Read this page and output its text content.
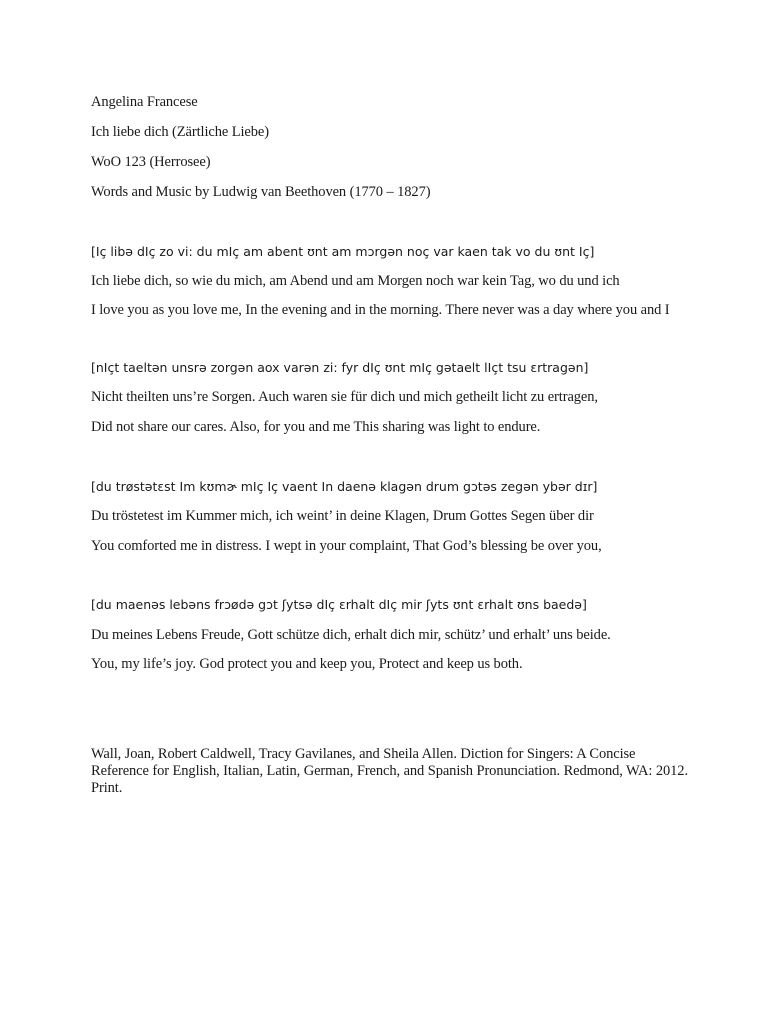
Angelina Francese
Ich liebe dich (Zärtliche Liebe)
WoO 123 (Herrosee)
Words and Music by Ludwig van Beethoven (1770 – 1827)
[Iç libə dIç zo vi: du mIç am abent ʊnt am mɔrgən noç var kaen tak vo du ʊnt Iç]
Ich liebe dich, so wie du mich, am Abend und am Morgen noch war kein Tag, wo du und ich
I love you as you love me, In the evening and in the morning. There never was a day where you and I
[nIçt taeltən unsrə zorgən aox varən zi: fyr dIç ʊnt mIç gətaelt lIçt tsu ɛrtragən]
Nicht theilten uns’re Sorgen. Auch waren sie für dich und mich getheilt licht zu ertragen,
Did not share our cares. Also, for you and me This sharing was light to endure.
[du trøstətɛst Im kʊmɚ mIç Iç vaent In daenə klagən drum gɔtəs zegən ybər dɪr]
Du tröstetest im Kummer mich, ich weint’ in deine Klagen, Drum Gottes Segen über dir
You comforted me in distress. I wept in your complaint, That God’s blessing be over you,
[du maenəs lebəns frɔødə gɔt ʃytsə dIç ɛrhalt dIç mir ʃyts ʊnt ɛrhalt ʊns baedə]
Du meines Lebens Freude, Gott schütze dich, erhalt dich mir, schütz’ und erhalt’ uns beide.
You, my life’s joy. God protect you and keep you, Protect and keep us both.
Wall, Joan, Robert Caldwell, Tracy Gavilanes, and Sheila Allen. Diction for Singers: A Concise Reference for English, Italian, Latin, German, French, and Spanish Pronunciation. Redmond, WA: 2012. Print.
